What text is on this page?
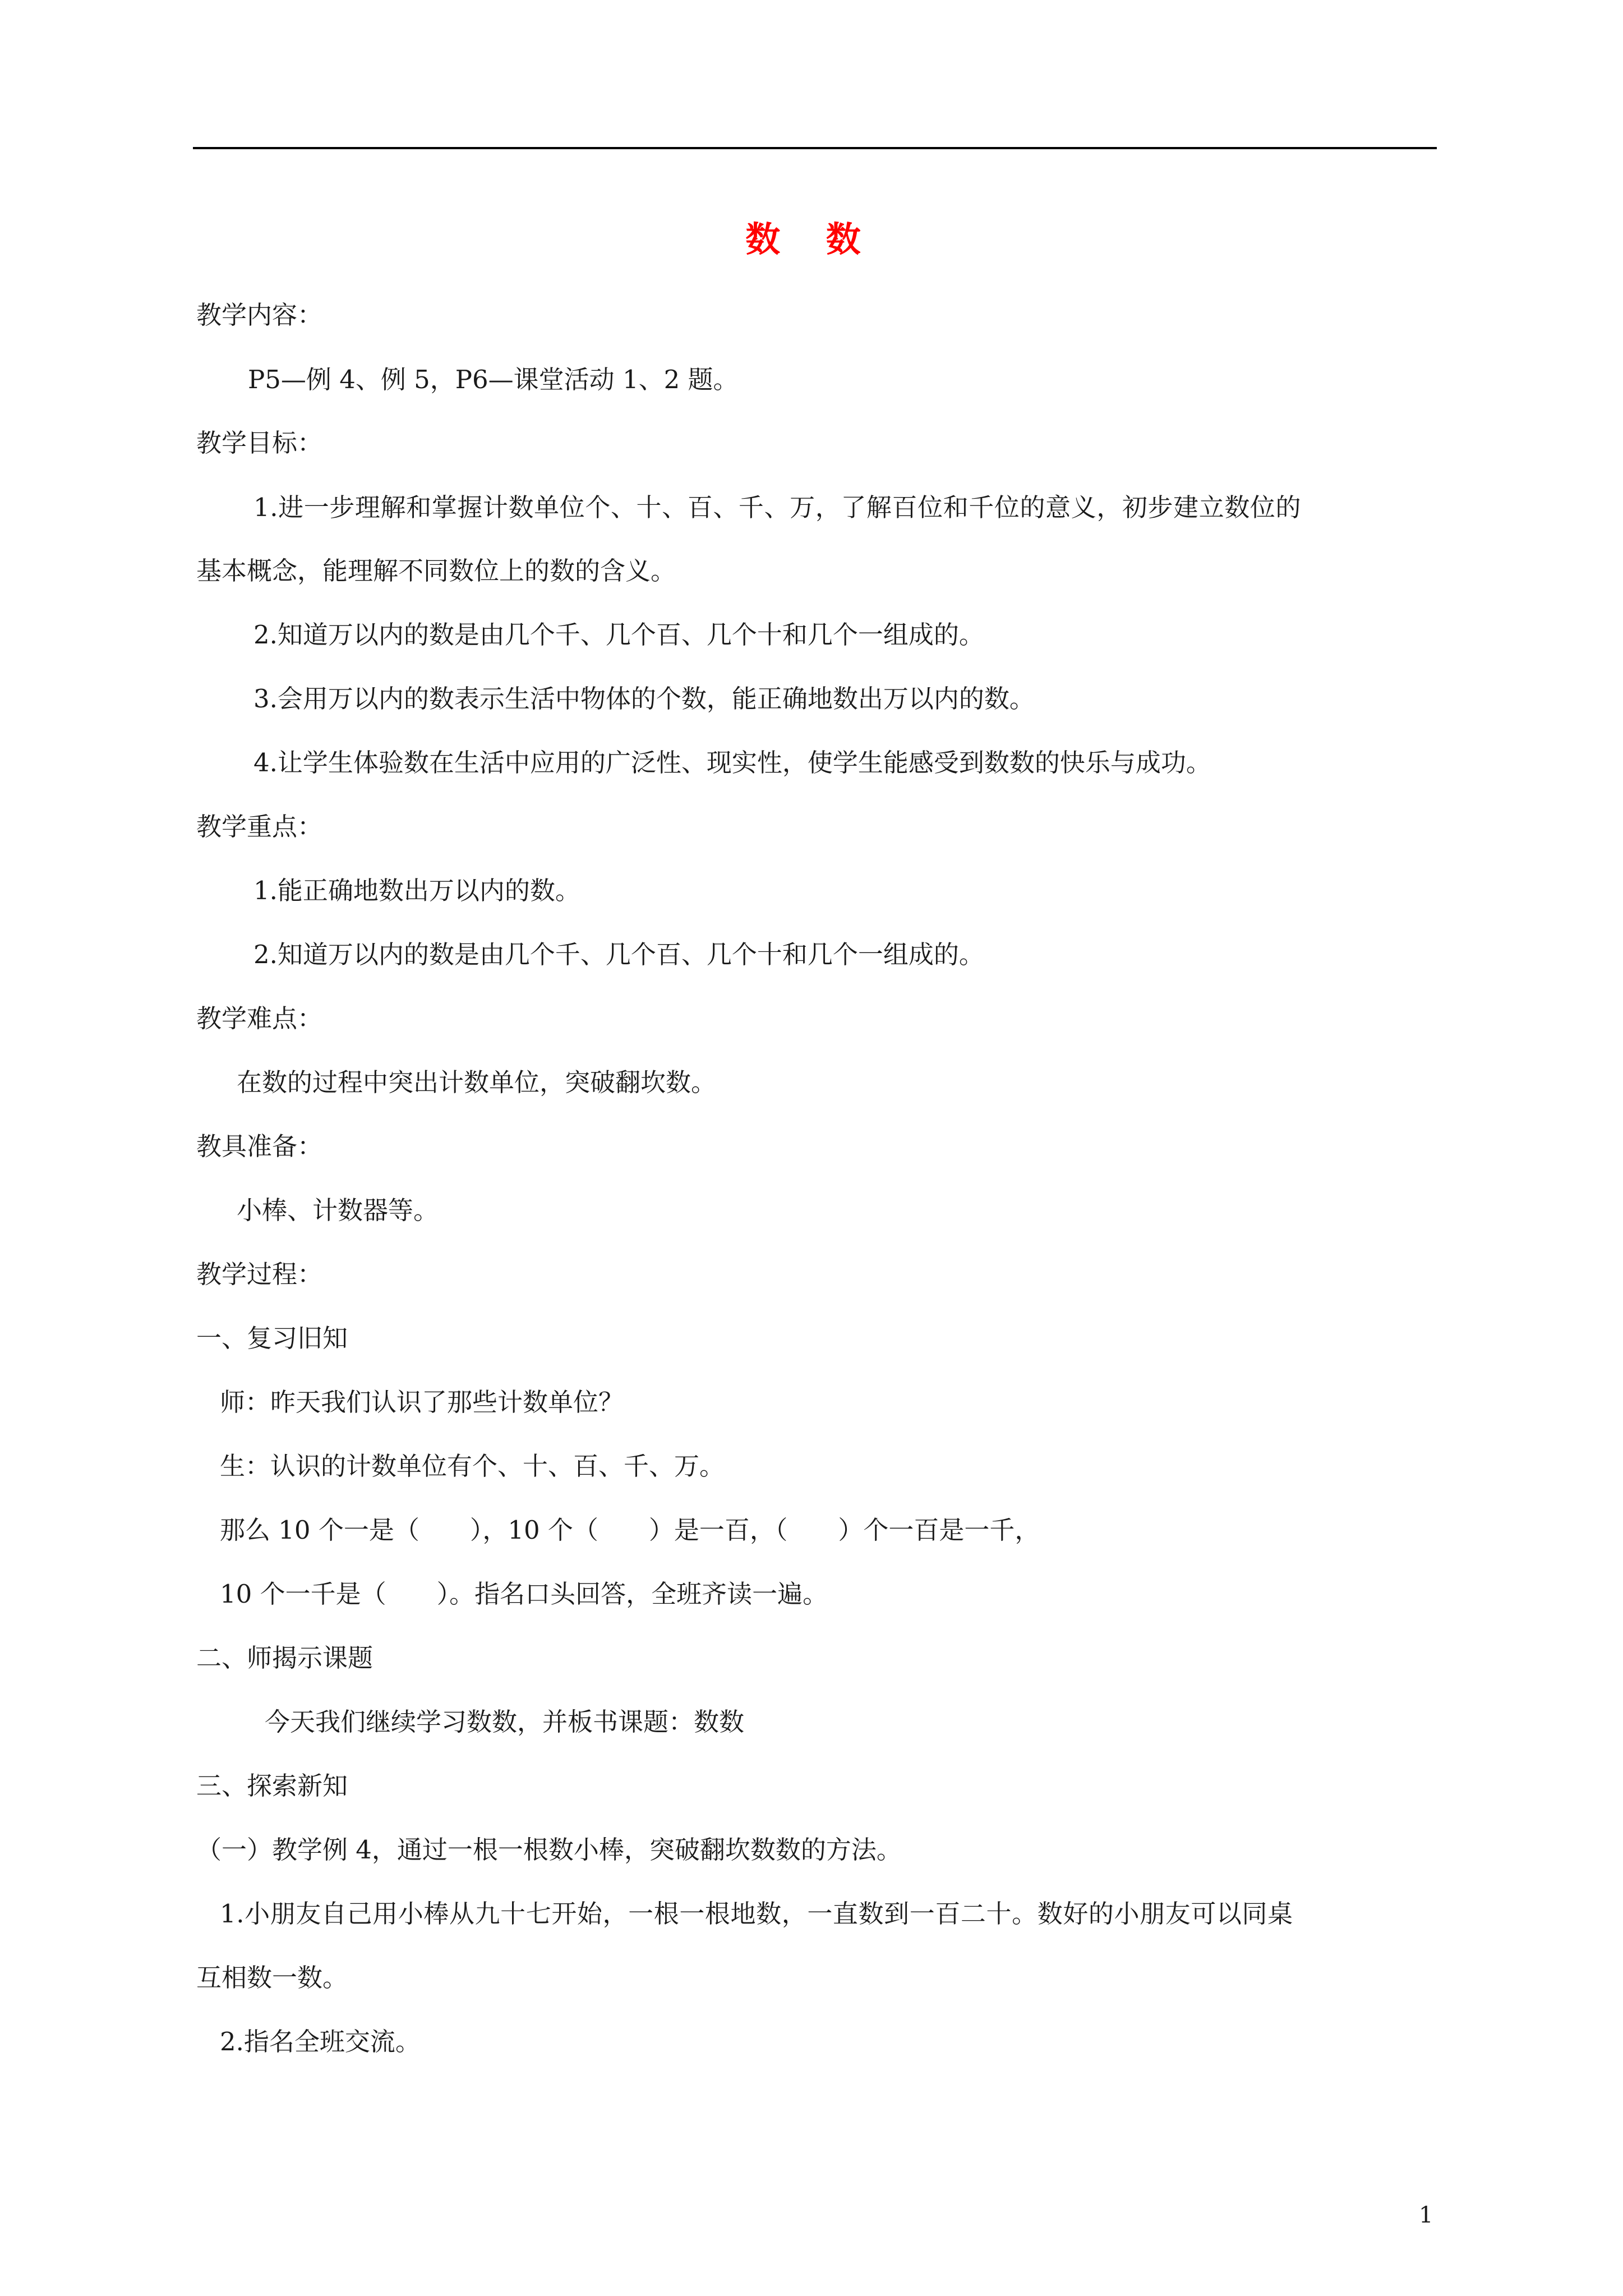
数 数
教学内容：
P5—例 4、例 5，P6—课堂活动 1、2 题。
教学目标：
1.进一步理解和掌握计数单位个、十、百、千、万，了解百位和千位的意义，初步建立数位的
基本概念，能理解不同数位上的数的含义。
2.知道万以内的数是由几个千、几个百、几个十和几个一组成的。
3.会用万以内的数表示生活中物体的个数，能正确地数出万以内的数。
4.让学生体验数在生活中应用的广泛性、现实性，使学生能感受到数数的快乐与成功。
教学重点：
1.能正确地数出万以内的数。
2.知道万以内的数是由几个千、几个百、几个十和几个一组成的。
教学难点：
在数的过程中突出计数单位，突破翻坎数。
教具准备：
小棒、计数器等。
教学过程：
一、复习旧知
师：昨天我们认识了那些计数单位？
生：认识的计数单位有个、十、百、千、万。
那么 10 个一是（　　），10 个（　　）是一百，（　　）个一百是一千，
10 个一千是（　　）。指名口头回答，全班齐读一遍。
二、师揭示课题
今天我们继续学习数数，并板书课题：数数
三、探索新知
（一）教学例 4，通过一根一根数小棒，突破翻坎数数的方法。
1.小朋友自己用小棒从九十七开始，一根一根地数，一直数到一百二十。数好的小朋友可以同桌
互相数一数。
2.指名全班交流。
1
